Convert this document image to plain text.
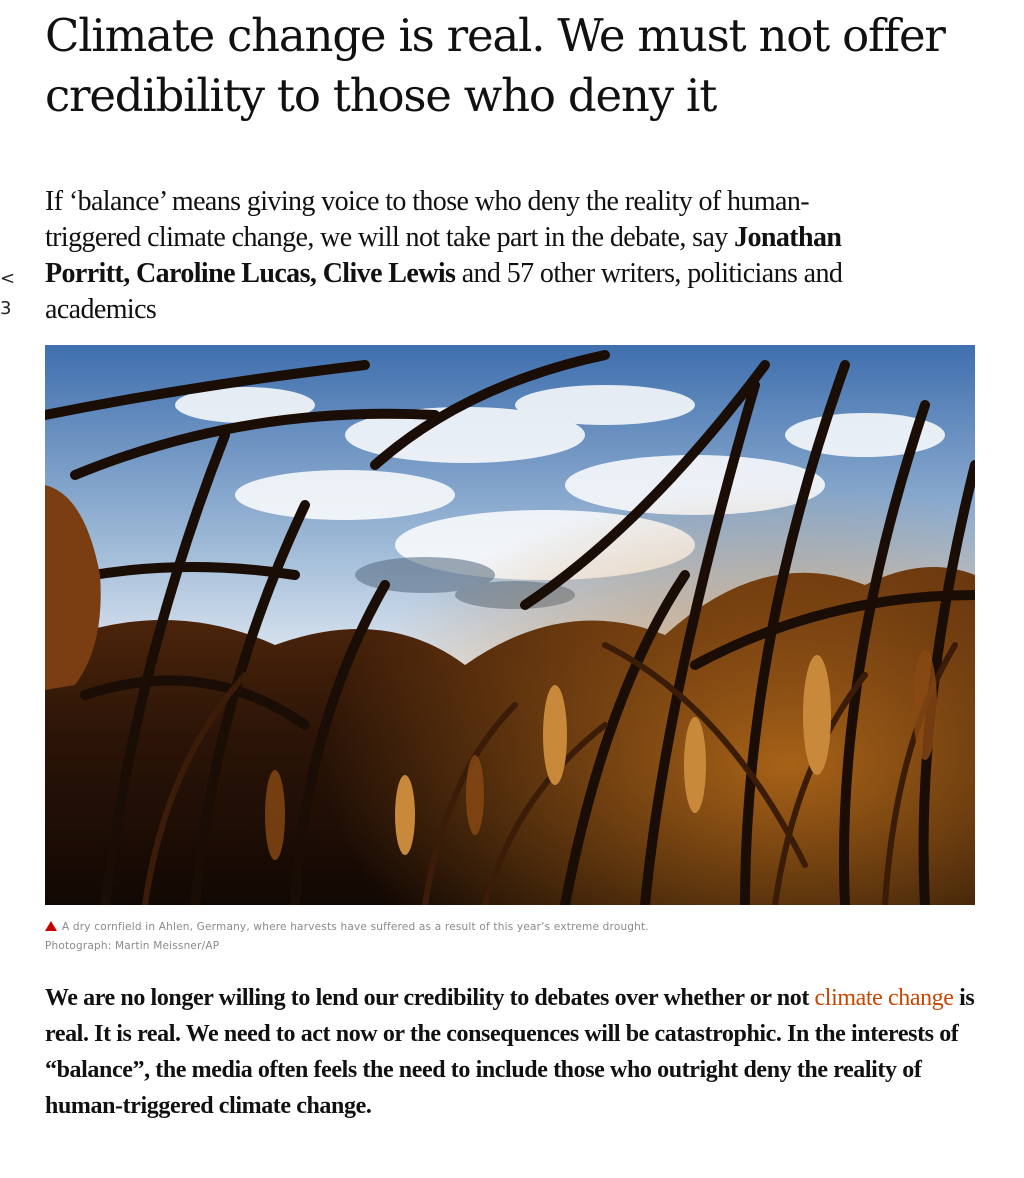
Climate change is real. We must not offer credibility to those who deny it
<
3

If ‘balance’ means giving voice to those who deny the reality of human-triggered climate change, we will not take part in the debate, say Jonathan Porritt, Caroline Lucas, Clive Lewis and 57 other writers, politicians and academics

A dry cornfield in Ahlen, Germany, where harvests have suffered as a result of this year’s extreme drought.
Photograph: Martin Meissner/AP

We are no longer willing to lend our credibility to debates over whether or not climate change is real. It is real. We need to act now or the consequences will be catastrophic. In the interests of “balance”, the media often feels the need to include those who outright deny the reality of human-triggered climate change.
